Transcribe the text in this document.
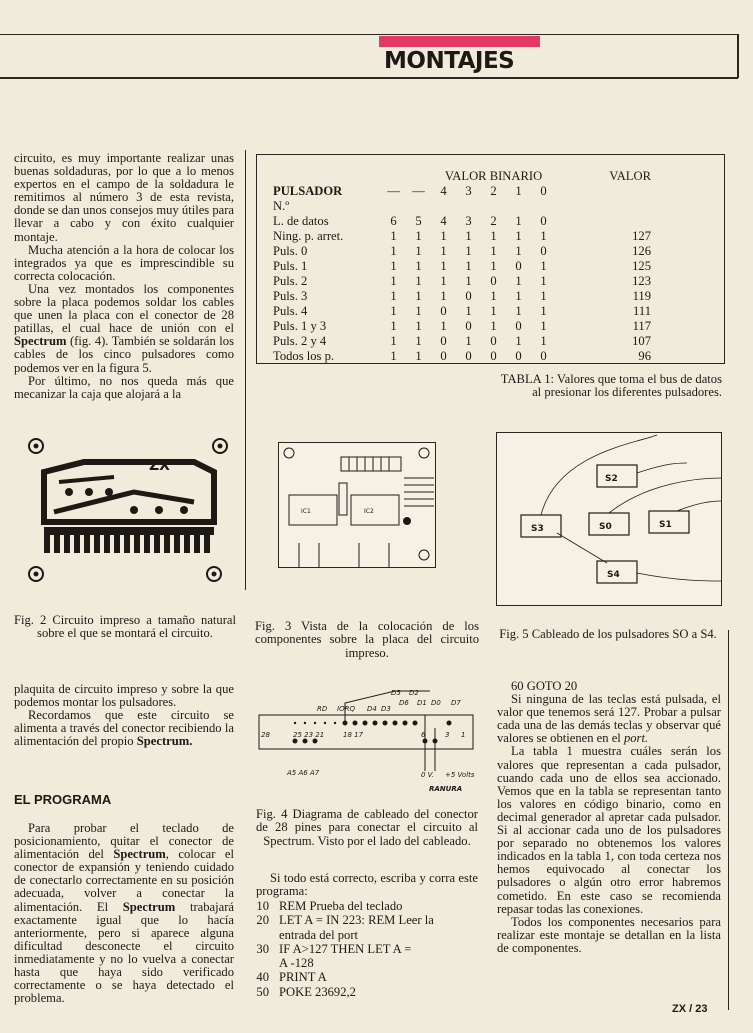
MONTAJES

circuito, es muy importante realizar unas buenas soldaduras, por lo que a lo menos expertos en el campo de la soldadura le remitimos al número 3 de esta revista, donde se dan unos consejos muy útiles para llevar a cabo y con éxito cualquier montaje.

Mucha atención a la hora de colocar los integrados ya que es imprescindible su correcta colocación.

Una vez montados los componentes sobre la placa podemos soldar los cables que unen la placa con el conector de 28 patillas, el cual hace de unión con el Spectrum (fig. 4). También se soldarán los cables de los cinco pulsadores como podemos ver en la figura 5.

Por último, no nos queda más que mecanizar la caja que alojará a la

			VALOR BINARIO					VALOR
PULSADOR	—	—	4	3	2	1	0	
N.º								
L. de datos	6	5	4	3	2	1	0	
Ning. p. arret.	1	1	1	1	1	1	1	127
Puls. 0	1	1	1	1	1	1	0	126
Puls. 1	1	1	1	1	1	0	1	125
Puls. 2	1	1	1	1	0	1	1	123
Puls. 3	1	1	1	0	1	1	1	119
Puls. 4	1	1	0	1	1	1	1	111
Puls. 1 y 3	1	1	1	0	1	0	1	117
Puls. 2 y 4	1	1	0	1	0	1	1	107
Todos los p.	1	1	0	0	0	0	0	96
TABLA 1: Valores que toma el bus de datos al presionar los diferentes pulsadores.
ZX
Fig. 2 Circuito impreso a tamaño natural sobre el que se montará el circuito.
IC1	IC2
Fig. 3 Vista de la colocación de los componentes sobre la placa del circuito impreso.
S2
S3	S0	S1
S4
Fig. 5 Cableado de los pulsadores SO a S4.

plaquita de circuito impreso y sobre la que podemos montar los pulsadores.

Recordamos que este circuito se alimenta a través del conector recibiendo la alimentación del propio Spectrum.

EL PROGRAMA

Para probar el teclado de posicionamiento, quitar el conector de alimentación del Spectrum, colocar el conector de expansión y teniendo cuidado de conectarlo correctamente en su posición adecuada, volver a conectar la alimentación. El Spectrum trabajará exactamente igual que lo hacía anteriormente, pero si aparece alguna dificultad desconecte el circuito inmediatamente y no lo vuelva a conectar hasta que haya sido verificado correctamente o se haya detectado el problema.

RD IORQ D4 D3
D5 D2
D6 D1 D0 D7
28	25 23 21	18 17	6	3 1
A5 A6 A7	0 V. +5 Volts
RANURA
Fig. 4 Diagrama de cableado del conector de 28 pines para conectar el circuito al Spectrum. Visto por el lado del cableado.

Si todo está correcto, escriba y corra este programa:

10 REM Prueba del teclado
20 LET A = IN 223: REM Leer la
entrada del port
30 IF A>127 THEN LET A =
A -128
40 PRINT A
50 POKE 23692,2

60 GOTO 20

Si ninguna de las teclas está pulsada, el valor que tenemos será 127. Probar a pulsar cada una de las demás teclas y observar qué valores se obtienen en el port.

La tabla 1 muestra cuáles serán los valores que representan a cada pulsador, cuando cada uno de ellos sea accionado. Vemos que en la tabla se representan tanto los valores en código binario, como en decimal generador al apretar cada pulsador. Si al accionar cada uno de los pulsadores por separado no obtenemos los valores indicados en la tabla 1, con toda certeza nos hemos equivocado al conectar los pulsadores o algún otro error habremos cometido. En este caso se recomienda repasar todas las conexiones.

Todos los componentes necesarios para realizar este montaje se detallan en la lista de componentes.

ZX / 23
